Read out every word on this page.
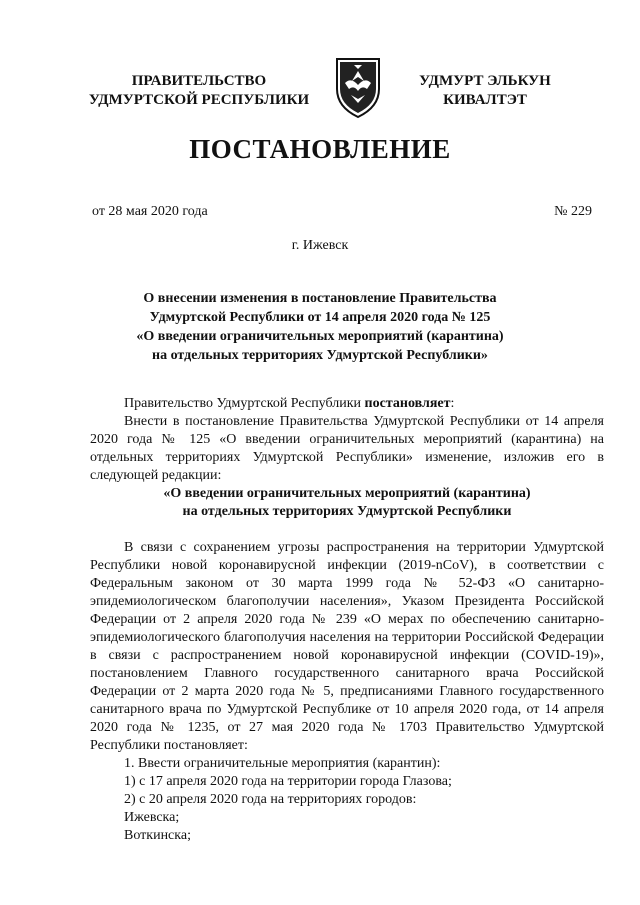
ПРАВИТЕЛЬСТВО
УДМУРТСКОЙ РЕСПУБЛИКИ
УДМУРТ ЭЛЬКУН
КИВАЛТЭТ
ПОСТАНОВЛЕНИЕ
от 28 мая 2020 года	№ 229
г. Ижевск
О внесении изменения в постановление Правительства
Удмуртской Республики от 14 апреля 2020 года № 125
«О введении ограничительных мероприятий (карантина)
на отдельных территориях Удмуртской Республики»

Правительство Удмуртской Республики постановляет:

Внести в постановление Правительства Удмуртской Республики от 14 апреля 2020 года № 125 «О введении ограничительных мероприятий (карантина) на отдельных территориях Удмуртской Республики» изменение, изложив его в следующей редакции:

«О введении ограничительных мероприятий (карантина)
на отдельных территориях Удмуртской Республики

В связи с сохранением угрозы распространения на территории Удмуртской Республики новой коронавирусной инфекции (2019-nCoV), в соответствии с Федеральным законом от 30 марта 1999 года № 52-ФЗ «О санитарно-эпидемиологическом благополучии населения», Указом Президента Российской Федерации от 2 апреля 2020 года № 239 «О мерах по обеспечению санитарно-эпидемиологического благополучия населения на территории Российской Федерации в связи с распространением новой коронавирусной инфекции (COVID-19)», постановлением Главного государственного санитарного врача Российской Федерации от 2 марта 2020 года № 5, предписаниями Главного государственного санитарного врача по Удмуртской Республике от 10 апреля 2020 года, от 14 апреля 2020 года № 1235, от 27 мая 2020 года № 1703 Правительство Удмуртской Республики постановляет:

1. Ввести ограничительные мероприятия (карантин):

1) с 17 апреля 2020 года на территории города Глазова;

2) с 20 апреля 2020 года на территориях городов:

Ижевска;

Воткинска;
